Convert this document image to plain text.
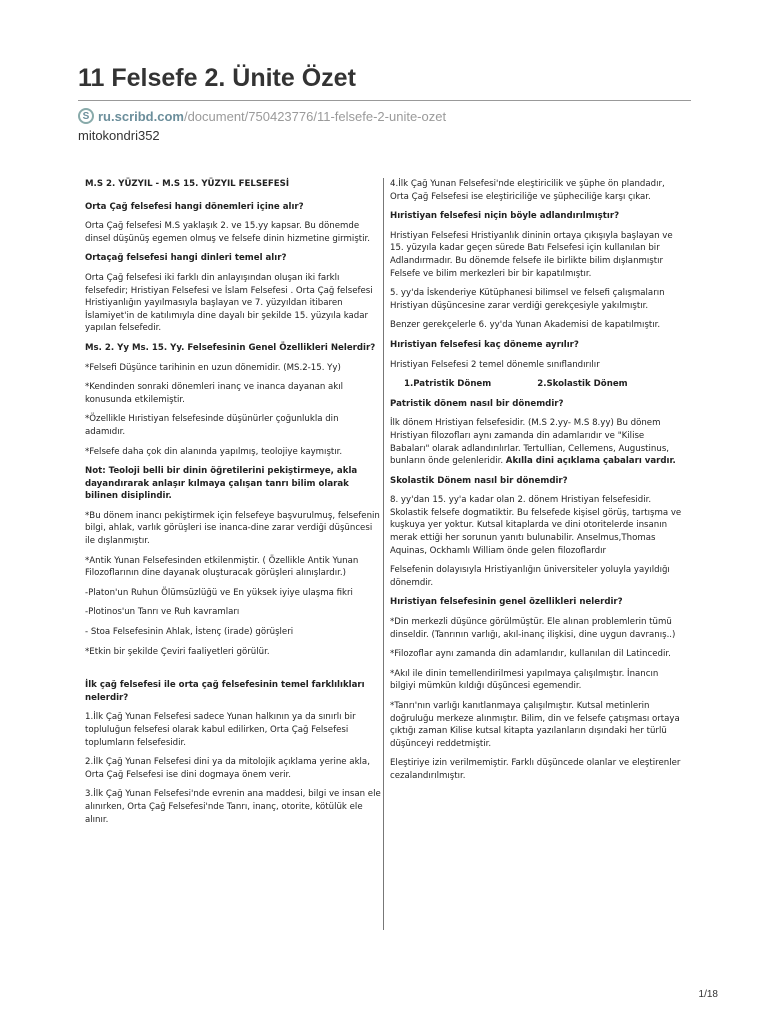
11 Felsefe 2. Ünite Özet
S ru.scribd.com /document/750423776/11-felsefe-2-unite-ozet
mitokondri352

M.S 2. YÜZYIL - M.S 15. YÜZYIL FELSEFESİ

Orta Çağ felsefesi hangi dönemleri içine alır?

Orta Çağ felsefesi M.S yaklaşık 2. ve 15.yy kapsar. Bu dönemde dinsel düşünüş egemen olmuş ve felsefe dinin hizmetine girmiştir.

Ortaçağ felsefesi hangi dinleri temel alır?

Orta Çağ felsefesi iki farklı din anlayışından oluşan iki farklı felsefedir; Hristiyan Felsefesi ve İslam Felsefesi . Orta Çağ felsefesi Hristiyanlığın yayılmasıyla başlayan ve 7. yüzyıldan itibaren İslamiyet'in de katılımıyla dine dayalı bir şekilde 15. yüzyıla kadar yapılan felsefedir.

Ms. 2. Yy Ms. 15. Yy. Felsefesinin Genel Özellikleri Nelerdir?

*Felsefi Düşünce tarihinin en uzun dönemidir. (MS.2-15. Yy)

*Kendinden sonraki dönemleri inanç ve inanca dayanan akıl konusunda etkilemiştir.

*Özellikle Hıristiyan felsefesinde düşünürler çoğunlukla din adamıdır.

*Felsefe daha çok din alanında yapılmış, teolojiye kaymıştır.

Not: Teoloji belli bir dinin öğretilerini pekiştirmeye, akla dayandırarak anlaşır kılmaya çalışan tanrı bilim olarak bilinen disiplindir.

*Bu dönem inancı pekiştirmek için felsefeye başvurulmuş, felsefenin bilgi, ahlak, varlık görüşleri ise inanca-dine zarar verdiği düşüncesi ile dışlanmıştır.

*Antik Yunan Felsefesinden etkilenmiştir. ( Özellikle Antik Yunan Filozoflarının dine dayanak oluşturacak görüşleri alınışlardır.)

-Platon'un Ruhun Ölümsüzlüğü ve En yüksek iyiye ulaşma fikri

-Plotinos'un Tanrı ve Ruh kavramları

- Stoa Felsefesinin Ahlak, İstenç (irade) görüşleri

*Etkin bir şekilde Çeviri faaliyetleri görülür.

İlk çağ felsefesi ile orta çağ felsefesinin temel farklılıkları nelerdir?

1.İlk Çağ Yunan Felsefesi sadece Yunan halkının ya da sınırlı bir topluluğun felsefesi olarak kabul edilirken, Orta Çağ Felsefesi toplumların felsefesidir.

2.İlk Çağ Yunan Felsefesi dini ya da mitolojik açıklama yerine akla, Orta Çağ Felsefesi ise dini dogmaya önem verir.

3.İlk Çağ Yunan Felsefesi'nde evrenin ana maddesi, bilgi ve insan ele alınırken, Orta Çağ Felsefesi'nde Tanrı, inanç, otorite, kötülük ele alınır.

4.İlk Çağ Yunan Felsefesi'nde eleştiricilik ve şüphe ön plandadır, Orta Çağ Felsefesi ise eleştiriciliğe ve şüpheciliğe karşı çıkar.

Hıristiyan felsefesi niçin böyle adlandırılmıştır?

Hristiyan Felsefesi Hristiyanlık dininin ortaya çıkışıyla başlayan ve 15. yüzyıla kadar geçen sürede Batı Felsefesi için kullanılan bir Adlandırmadır. Bu dönemde felsefe ile birlikte bilim dışlanmıştır Felsefe ve bilim merkezleri bir bir kapatılmıştır.

5. yy'da İskenderiye Kütüphanesi bilimsel ve felsefi çalışmaların Hristiyan düşüncesine zarar verdiği gerekçesiyle yakılmıştır.

Benzer gerekçelerle 6. yy'da Yunan Akademisi de kapatılmıştır.

Hıristiyan felsefesi kaç döneme ayrılır?

Hristiyan Felsefesi 2 temel dönemle sınıflandırılır

1.Patristik Dönem	2.Skolastik Dönem

Patristik dönem nasıl bir dönemdir?

İlk dönem Hristiyan felsefesidir. (M.S 2.yy- M.S 8.yy) Bu dönem Hristiyan filozofları aynı zamanda din adamlarıdır ve "Kilise Babaları" olarak adlandırılırlar. Tertullian, Cellemens, Augustinus, bunların önde gelenleridir. Akılla dini açıklama çabaları vardır.

Skolastik Dönem nasıl bir dönemdir?

8. yy'dan 15. yy'a kadar olan 2. dönem Hristiyan felsefesidir. Skolastik felsefe dogmatiktir. Bu felsefede kişisel görüş, tartışma ve kuşkuya yer yoktur. Kutsal kitaplarda ve dini otoritelerde insanın merak ettiği her sorunun yanıtı bulunabilir. Anselmus,Thomas Aquinas, Ockhamlı William önde gelen filozoflardır

Felsefenin dolayısıyla Hristiyanlığın üniversiteler yoluyla yayıldığı dönemdir.

Hıristiyan felsefesinin genel özellikleri nelerdir?

*Din merkezli düşünce görülmüştür. Ele alınan problemlerin tümü dinseldir. (Tanrının varlığı, akıl-inanç ilişkisi, dine uygun davranış..)

*Filozoflar aynı zamanda din adamlarıdır, kullanılan dil Latincedir.

*Akıl ile dinin temellendirilmesi yapılmaya çalışılmıştır. İnancın bilgiyi mümkün kıldığı düşüncesi egemendir.

*Tanrı'nın varlığı kanıtlanmaya çalışılmıştır. Kutsal metinlerin doğruluğu merkeze alınmıştır. Bilim, din ve felsefe çatışması ortaya çıktığı zaman Kilise kutsal kitapta yazılanların dışındaki her türlü düşünceyi reddetmiştir.

Eleştiriye izin verilmemiştir. Farklı düşüncede olanlar ve eleştirenler cezalandırılmıştır.

1/18
